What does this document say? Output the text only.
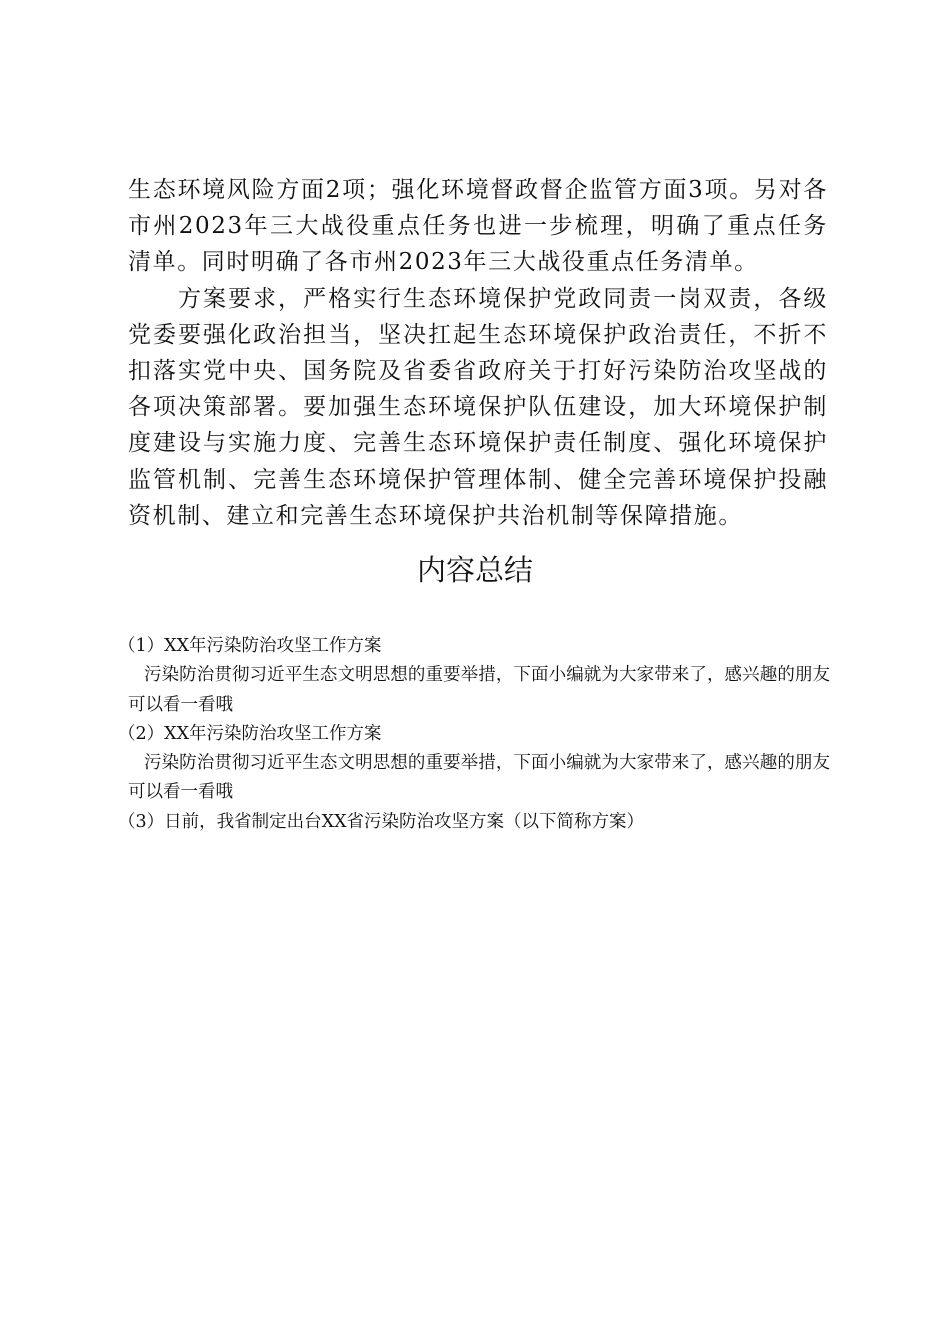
生态环境风险方面2项；强化环境督政督企监管方面3项。另对各市州2023年三大战役重点任务也进一步梳理，明确了重点任务清单。同时明确了各市州2023年三大战役重点任务清单。

方案要求，严格实行生态环境保护党政同责一岗双责，各级党委要强化政治担当，坚决扛起生态环境保护政治责任，不折不扣落实党中央、国务院及省委省政府关于打好污染防治攻坚战的各项决策部署。要加强生态环境保护队伍建设，加大环境保护制度建设与实施力度、完善生态环境保护责任制度、强化环境保护监管机制、完善生态环境保护管理体制、健全完善环境保护投融资机制、建立和完善生态环境保护共治机制等保障措施。

内容总结
（1）XX年污染防治攻坚工作方案
污染防治贯彻习近平生态文明思想的重要举措，下面小编就为大家带来了，感兴趣的朋友可以看一看哦
（2）XX年污染防治攻坚工作方案
污染防治贯彻习近平生态文明思想的重要举措，下面小编就为大家带来了，感兴趣的朋友可以看一看哦
（3）日前，我省制定出台XX省污染防治攻坚方案（以下简称方案）
